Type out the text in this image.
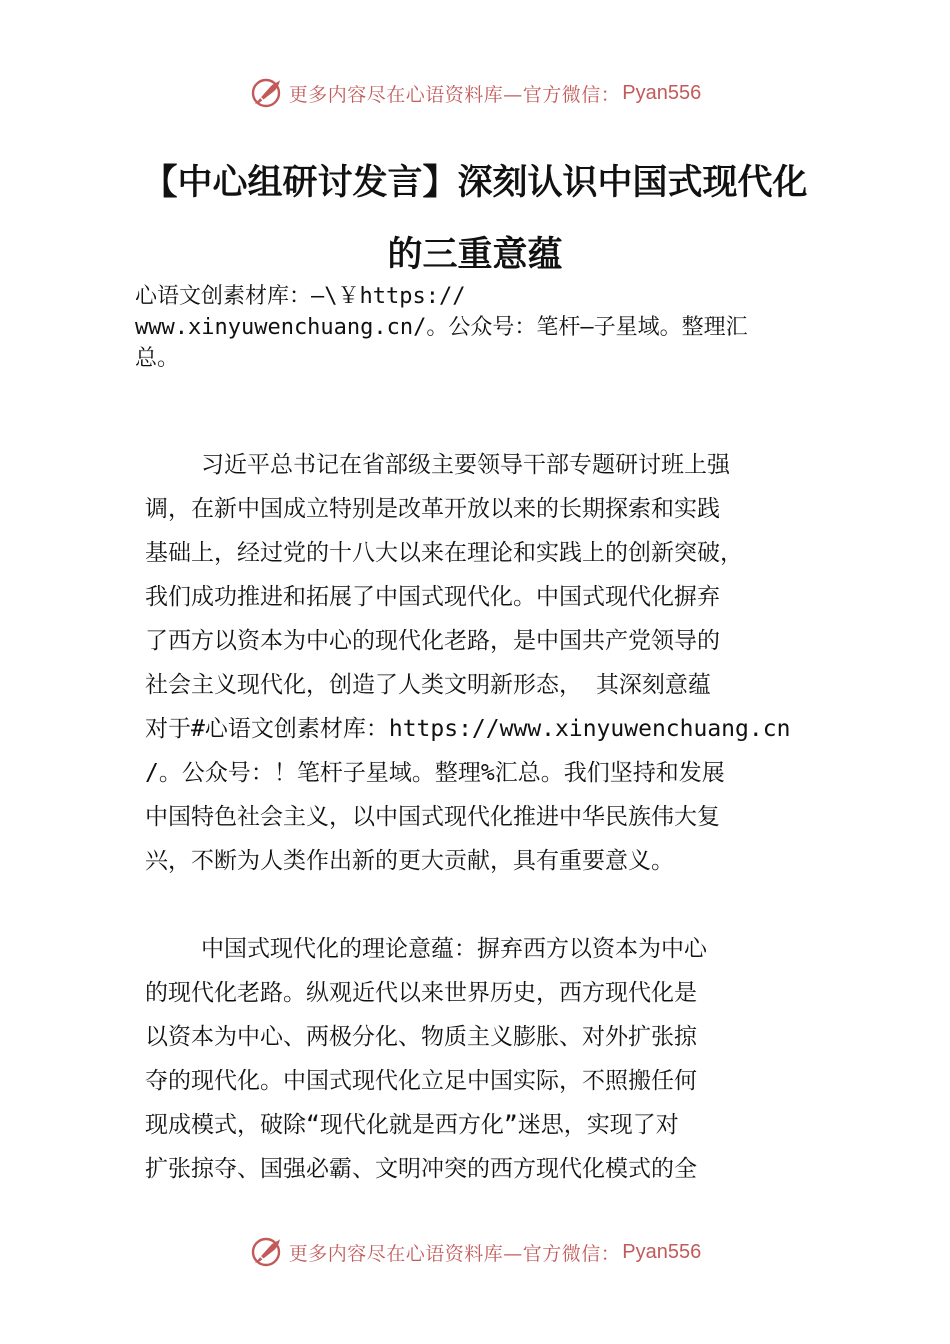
更多内容尽在心语资料库—官方微信： Pyan556
【中心组研讨发言】深刻认识中国式现代化
的三重意蕴
心语文创素材库：—\￥https://
www.xinyuwenchuang.cn/。公众号：笔杆—子星域。整理汇
总。
习近平总书记在省部级主要领导干部专题研讨班上强
调，在新中国成立特别是改革开放以来的长期探索和实践
基础上，经过党的十八大以来在理论和实践上的创新突破，
我们成功推进和拓展了中国式现代化。中国式现代化摒弃
了西方以资本为中心的现代化老路，是中国共产党领导的
社会主义现代化，创造了人类文明新形态， 其深刻意蕴
对于#心语文创素材库：https://www.xinyuwenchuang.cn
/。公众号：！笔杆子星域。整理%汇总。我们坚持和发展
中国特色社会主义，以中国式现代化推进中华民族伟大复
兴，不断为人类作出新的更大贡献，具有重要意义。
中国式现代化的理论意蕴：摒弃西方以资本为中心
的现代化老路。纵观近代以来世界历史，西方现代化是
以资本为中心、两极分化、物质主义膨胀、对外扩张掠
夺的现代化。中国式现代化立足中国实际，不照搬任何
现成模式，破除“现代化就是西方化”迷思，实现了对
扩张掠夺、国强必霸、文明冲突的西方现代化模式的全
更多内容尽在心语资料库—官方微信： Pyan556
